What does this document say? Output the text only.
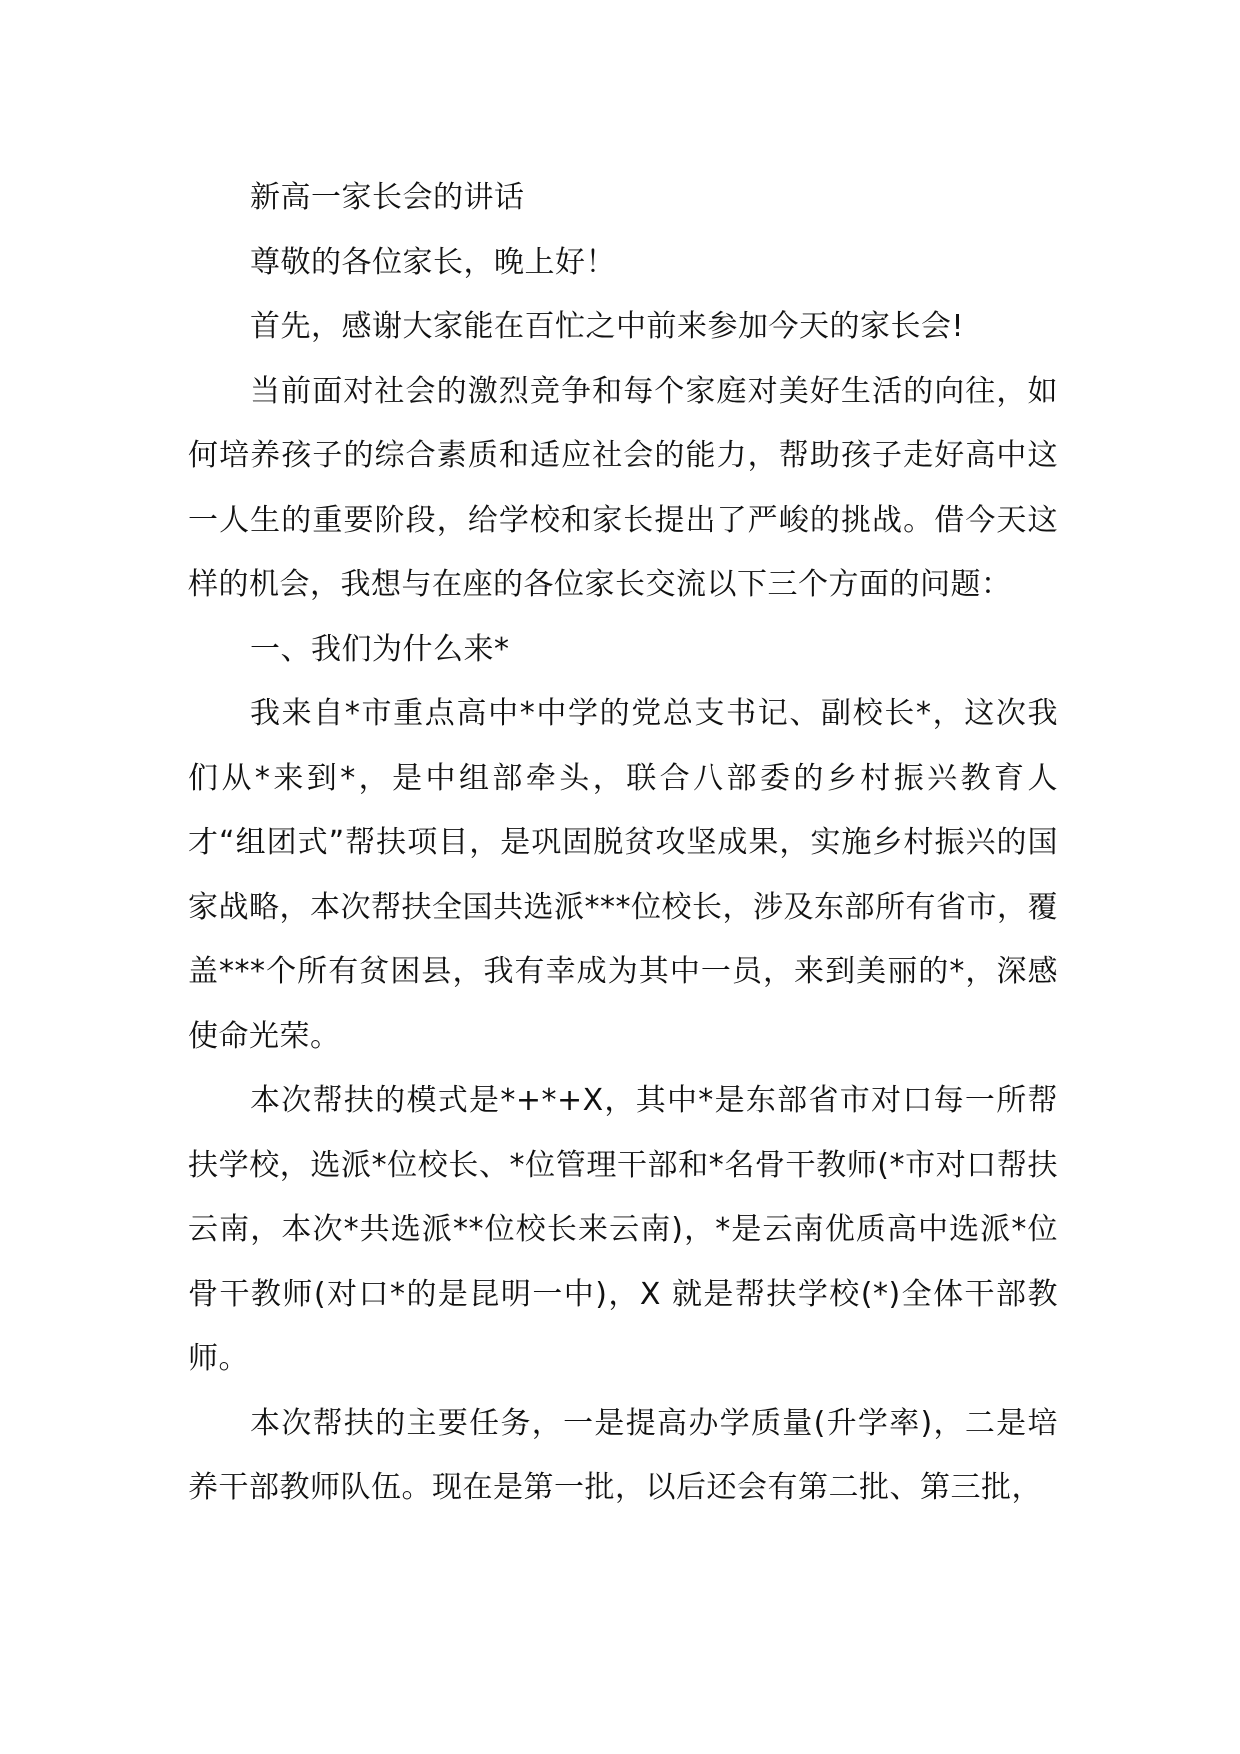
新高一家长会的讲话

尊敬的各位家长，晚上好！

首先，感谢大家能在百忙之中前来参加今天的家长会!

当前面对社会的激烈竞争和每个家庭对美好生活的向往，如何培养孩子的综合素质和适应社会的能力，帮助孩子走好高中这一人生的重要阶段，给学校和家长提出了严峻的挑战。借今天这样的机会，我想与在座的各位家长交流以下三个方面的问题：

一、我们为什么来*

我来自*市重点高中*中学的党总支书记、副校长*，这次我们从*来到*，是中组部牵头，联合八部委的乡村振兴教育人才“组团式”帮扶项目，是巩固脱贫攻坚成果，实施乡村振兴的国家战略，本次帮扶全国共选派***位校长，涉及东部所有省市，覆盖***个所有贫困县，我有幸成为其中一员，来到美丽的*，深感使命光荣。

本次帮扶的模式是*+*+X，其中*是东部省市对口每一所帮扶学校，选派*位校长、*位管理干部和*名骨干教师(*市对口帮扶云南，本次*共选派**位校长来云南)，*是云南优质高中选派*位骨干教师(对口*的是昆明一中)，X 就是帮扶学校(*)全体干部教师。

本次帮扶的主要任务，一是提高办学质量(升学率)，二是培养干部教师队伍。现在是第一批，以后还会有第二批、第三批，
